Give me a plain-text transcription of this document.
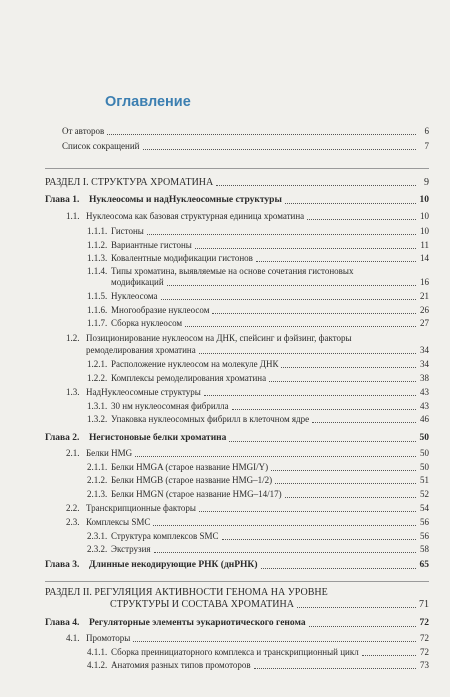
Оглавление
От авторов	6
Список сокращений	7
РАЗДЕЛ I. СТРУКТУРА ХРОМАТИНА	9
Глава 1.	Нуклеосомы и надНуклеосомные структуры	10
1.1. Нуклеосома как базовая структурная единица хроматина	10
1.1.1. Гистоны	10
1.1.2. Вариантные гистоны	11
1.1.3. Ковалентные модификации гистонов	14
1.1.4. Типы хроматина, выявляемые на основе сочетания гистоновых
модификаций	16
1.1.5. Нуклеосома	21
1.1.6. Многообразие нуклеосом	26
1.1.7. Сборка нуклеосом	27
1.2. Позиционирование нуклеосом на ДНК, спейсинг и фэйзинг, факторы
ремоделирования хроматина	34
1.2.1. Расположение нуклеосом на молекуле ДНК	34
1.2.2. Комплексы ремоделирования хроматина	38
1.3. НадНуклеосомные структуры	43
1.3.1. 30 нм нуклеосомная фибрилла	43
1.3.2. Упаковка нуклеосомных фибрилл в клеточном ядре	46
Глава 2.	Негистоновые белки хроматина	50
2.1. Белки HMG	50
2.1.1. Белки HMGA (старое название HMGI/Y)	50
2.1.2. Белки HMGB (старое название HMG–1/2)	51
2.1.3. Белки HMGN (старое название HMG–14/17)	52
2.2. Транскрипционные факторы	54
2.3. Комплексы SMC	56
2.3.1. Структура комплексов SMC	56
2.3.2. Экструзия	58
Глава 3.	Длинные некодирующие РНК (днРНК)	65
РАЗДЕЛ II. РЕГУЛЯЦИЯ АКТИВНОСТИ ГЕНОМА НА УРОВНЕ
СТРУКТУРЫ И СОСТАВА ХРОМАТИНА	71
Глава 4.	Регуляторные элементы эукариотического генома	72
4.1. Промоторы	72
4.1.1. Сборка преинициаторного комплекса и транскрипционный цикл	72
4.1.2. Анатомия разных типов промоторов	73
